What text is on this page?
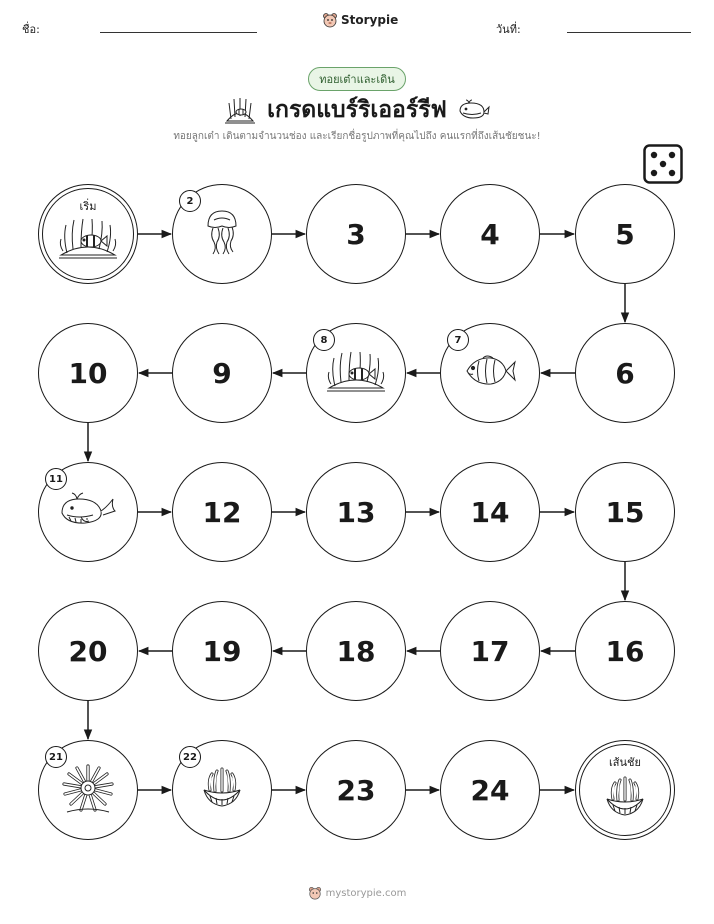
ชื่อ:
Storypie
วันที่:
ทอยเต๋าและเดิน
เกรดแบร์ริเออร์รีฟ
ทอยลูกเต๋า เดินตามจำนวนช่อง และเรียกชื่อรูปภาพที่คุณไปถึง คนแรกที่ถึงเส้นชัยชนะ!
เริ่ม	2
3	4	5
6
7
8
9
10
11
12	13	14	15
16
17
18
19
20
21	22
23	24
เส้นชัย
mystorypie.com
